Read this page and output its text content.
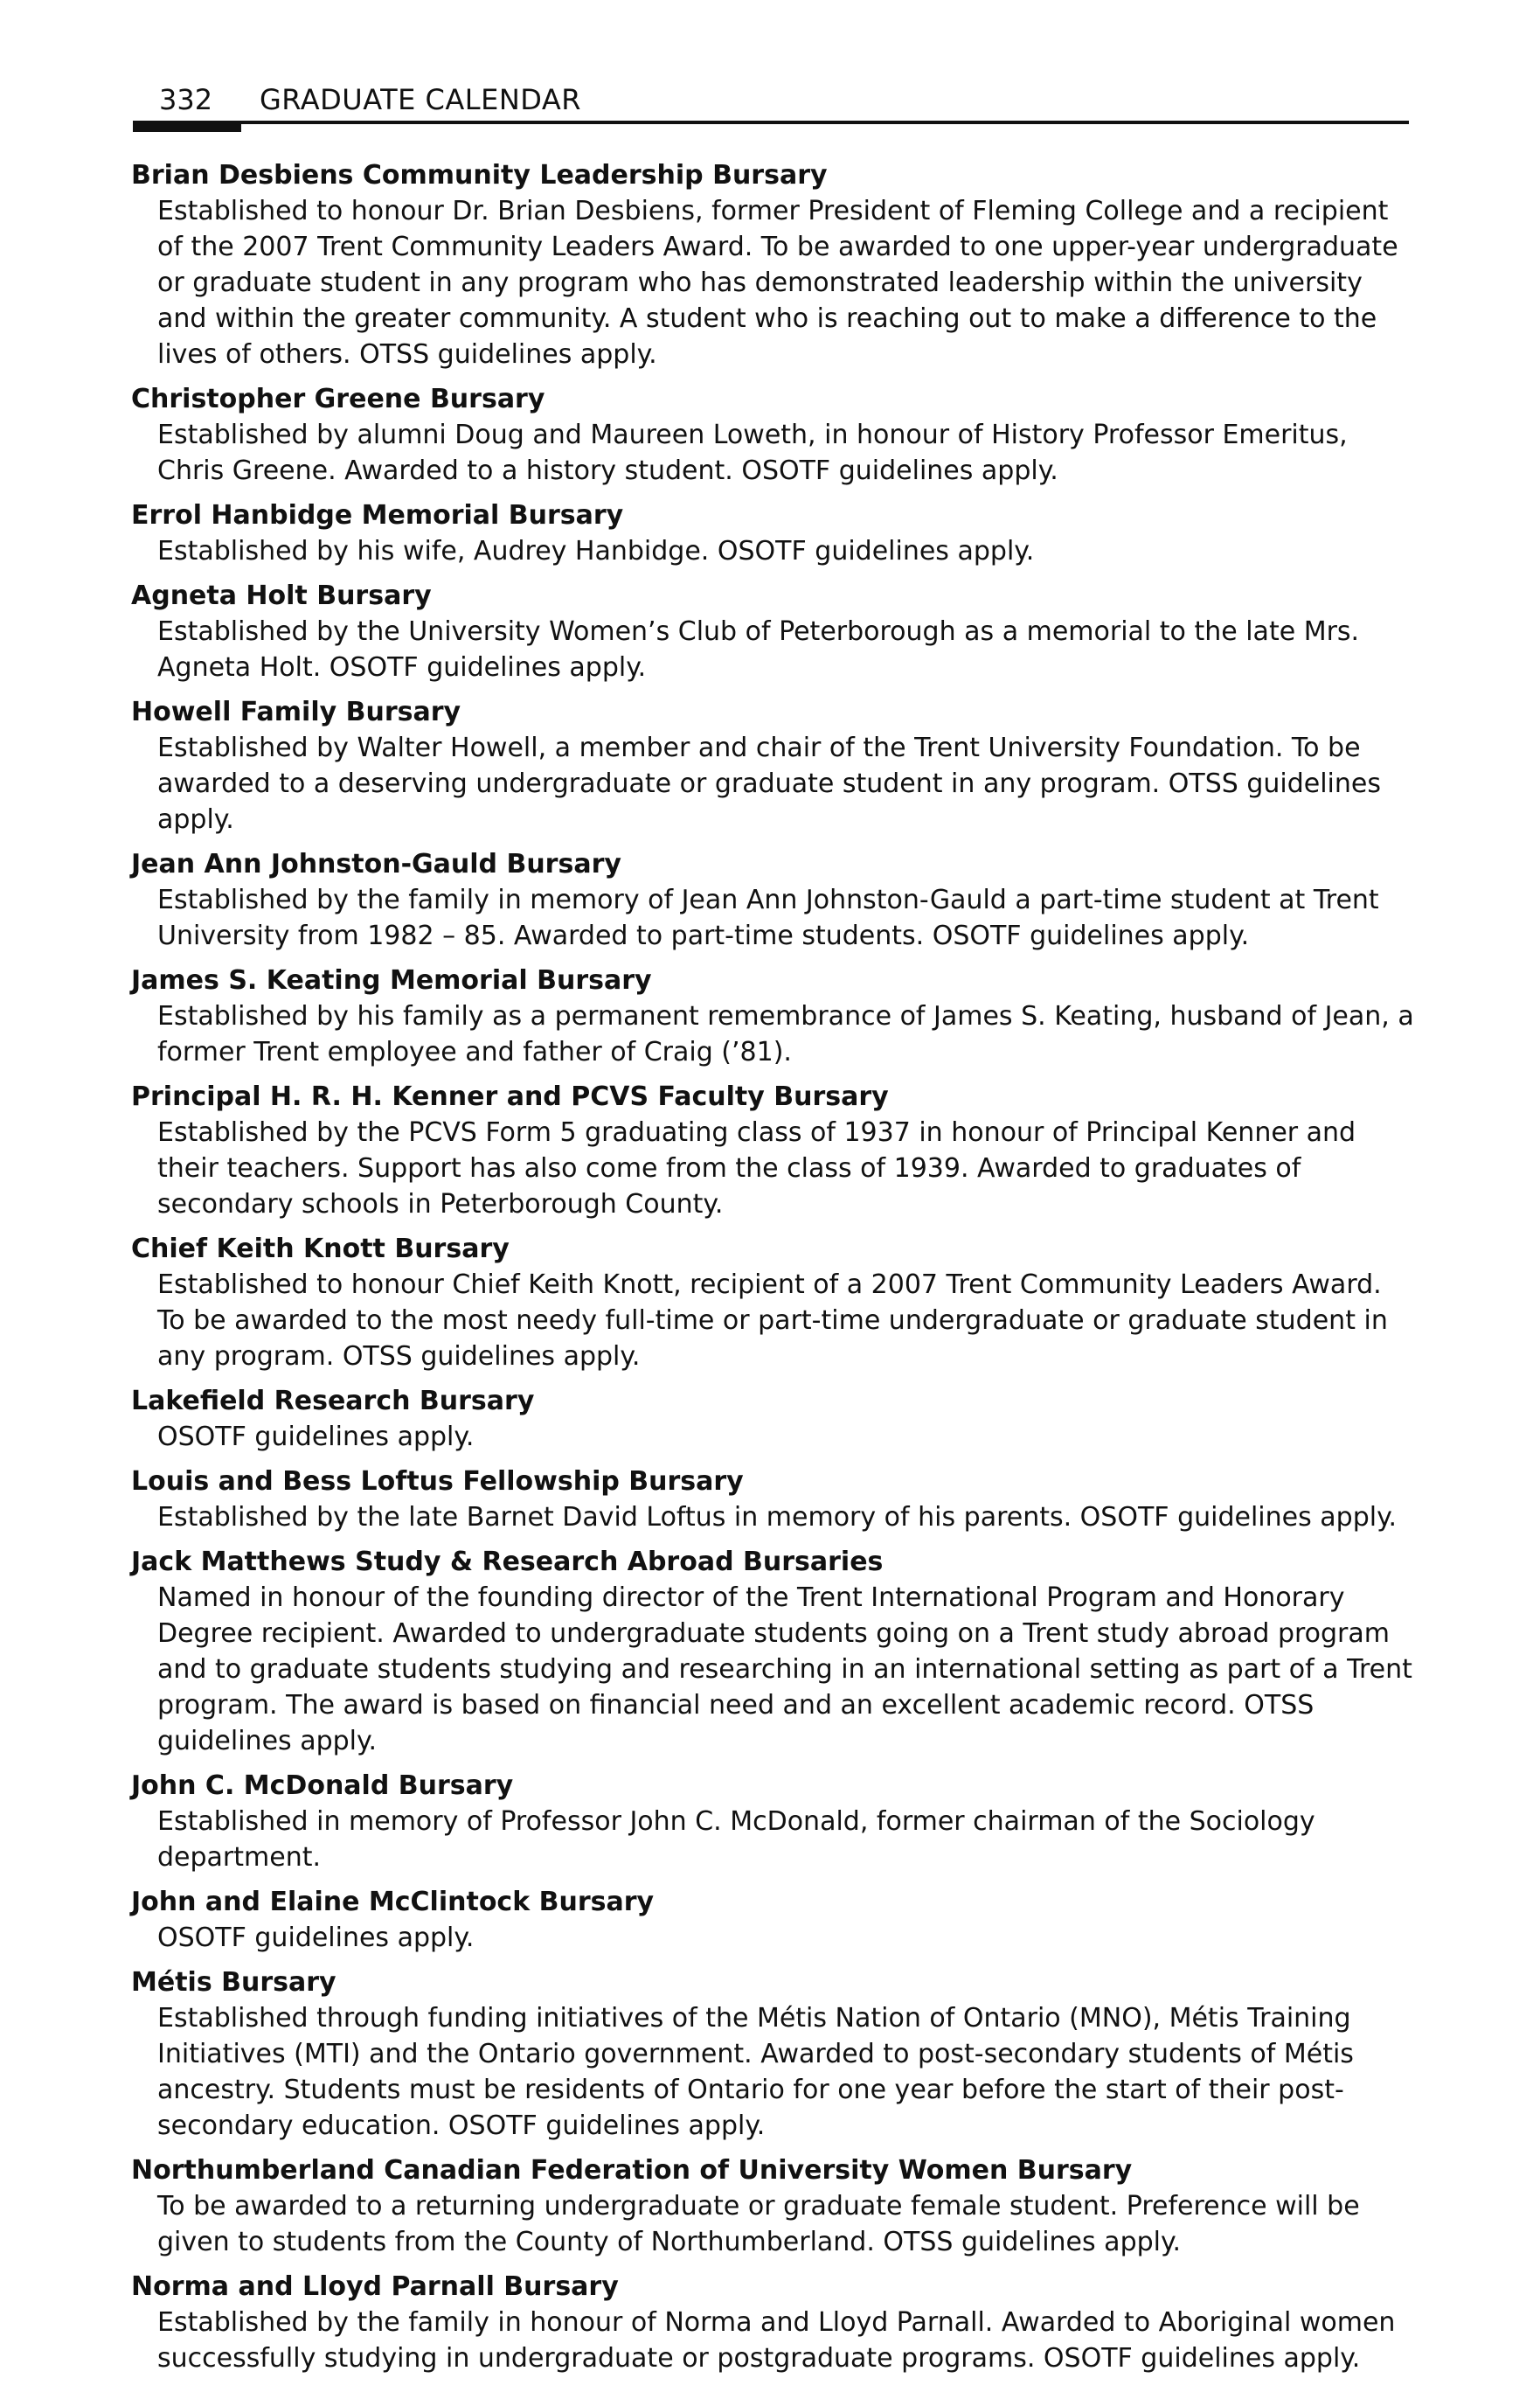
332 GRADUATE CALENDAR

Brian Desbiens Community Leadership Bursary

Established to honour Dr. Brian Desbiens, former President of Fleming College and a recipient of the 2007 Trent Community Leaders Award. To be awarded to one upper-year undergraduate or graduate student in any program who has demonstrated leadership within the university and within the greater community. A student who is reaching out to make a difference to the lives of others. OTSS guidelines apply.

Christopher Greene Bursary

Established by alumni Doug and Maureen Loweth, in honour of History Professor Emeritus, Chris Greene. Awarded to a history student. OSOTF guidelines apply.

Errol Hanbidge Memorial Bursary

Established by his wife, Audrey Hanbidge. OSOTF guidelines apply.

Agneta Holt Bursary

Established by the University Women’s Club of Peterborough as a memorial to the late Mrs. Agneta Holt. OSOTF guidelines apply.

Howell Family Bursary

Established by Walter Howell, a member and chair of the Trent University Foundation. To be awarded to a deserving undergraduate or graduate student in any program. OTSS guidelines apply.

Jean Ann Johnston-Gauld Bursary

Established by the family in memory of Jean Ann Johnston-Gauld a part-time student at Trent University from 1982 – 85. Awarded to part-time students. OSOTF guidelines apply.

James S. Keating Memorial Bursary

Established by his family as a permanent remembrance of James S. Keating, husband of Jean, a former Trent employee and father of Craig (’81).

Principal H. R. H. Kenner and PCVS Faculty Bursary

Established by the PCVS Form 5 graduating class of 1937 in honour of Principal Kenner and their teachers. Support has also come from the class of 1939. Awarded to graduates of secondary schools in Peterborough County.

Chief Keith Knott Bursary

Established to honour Chief Keith Knott, recipient of a 2007 Trent Community Leaders Award. To be awarded to the most needy full-time or part-time undergraduate or graduate student in any program. OTSS guidelines apply.

Lakefield Research Bursary

OSOTF guidelines apply.

Louis and Bess Loftus Fellowship Bursary

Established by the late Barnet David Loftus in memory of his parents. OSOTF guidelines apply.

Jack Matthews Study & Research Abroad Bursaries

Named in honour of the founding director of the Trent International Program and Honorary Degree recipient. Awarded to undergraduate students going on a Trent study abroad program and to graduate students studying and researching in an international setting as part of a Trent program. The award is based on financial need and an excellent academic record. OTSS guidelines apply.

John C. McDonald Bursary

Established in memory of Professor John C. McDonald, former chairman of the Sociology department.

John and Elaine McClintock Bursary

OSOTF guidelines apply.

Métis Bursary

Established through funding initiatives of the Métis Nation of Ontario (MNO), Métis Training Initiatives (MTI) and the Ontario government. Awarded to post-secondary students of Métis ancestry. Students must be residents of Ontario for one year before the start of their post-secondary education. OSOTF guidelines apply.

Northumberland Canadian Federation of University Women Bursary

To be awarded to a returning undergraduate or graduate female student. Preference will be given to students from the County of Northumberland. OTSS guidelines apply.

Norma and Lloyd Parnall Bursary

Established by the family in honour of Norma and Lloyd Parnall. Awarded to Aboriginal women successfully studying in undergraduate or postgraduate programs. OSOTF guidelines apply.
